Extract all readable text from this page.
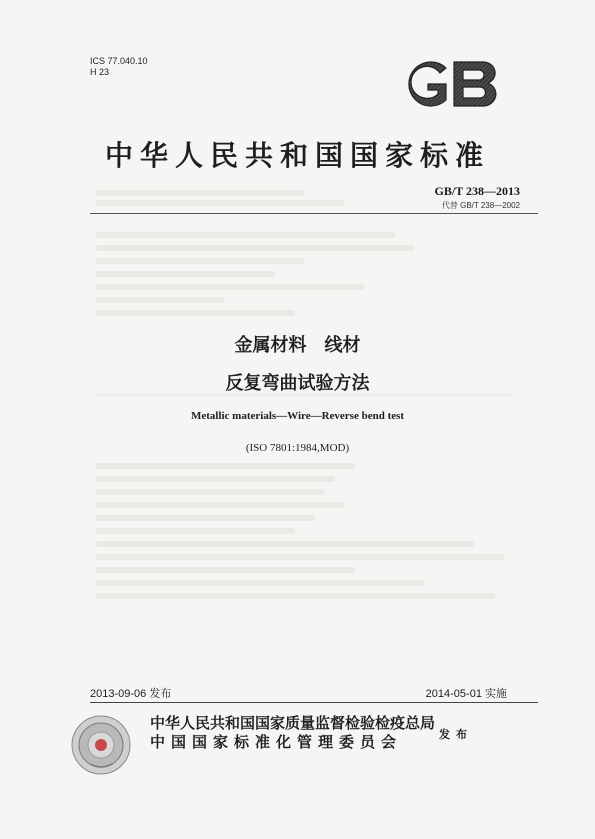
ICS 77.040.10
H 23
中华人民共和国国家标准
GB/T 238—2013
代替 GB/T 238—2002
金属材料　线材
反复弯曲试验方法
Metallic materials—Wire—Reverse bend test
(ISO 7801:1984,MOD)
2013-09-06 发布	2014-05-01 实施
中华人民共和国国家质量监督检验检疫总局
中国国家标准化管理委员会	发布
